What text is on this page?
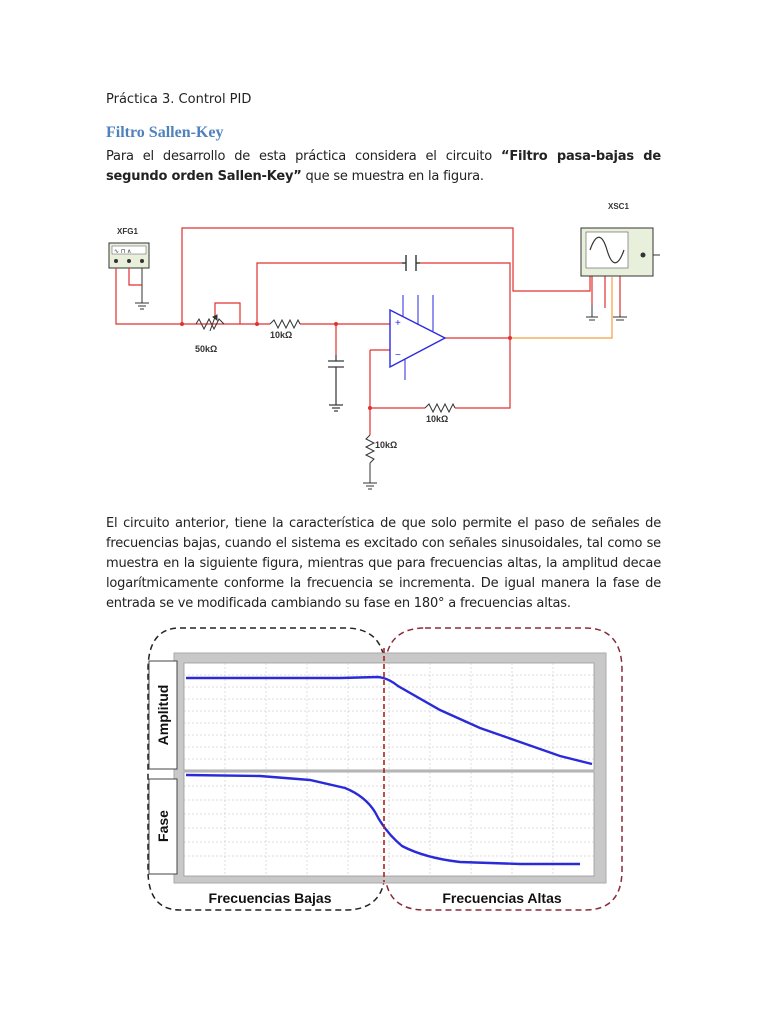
Práctica 3. Control PID
Filtro Sallen-Key
Para el desarrollo de esta práctica considera el circuito “Filtro pasa-bajas de segundo orden Sallen-Key” que se muestra en la figura.
XFG1
∿ ⊓ ∧
50kΩ
10kΩ
+
−
10kΩ
10kΩ
XSC1
El circuito anterior, tiene la característica de que solo permite el paso de señales de frecuencias bajas, cuando el sistema es excitado con señales sinusoidales, tal como se muestra en la siguiente figura, mientras que para frecuencias altas, la amplitud decae logarítmicamente conforme la frecuencia se incrementa. De igual manera la fase de entrada se ve modificada cambiando su fase en 180° a frecuencias altas.
Amplitud
Fase
Frecuencias Bajas	Frecuencias Altas
